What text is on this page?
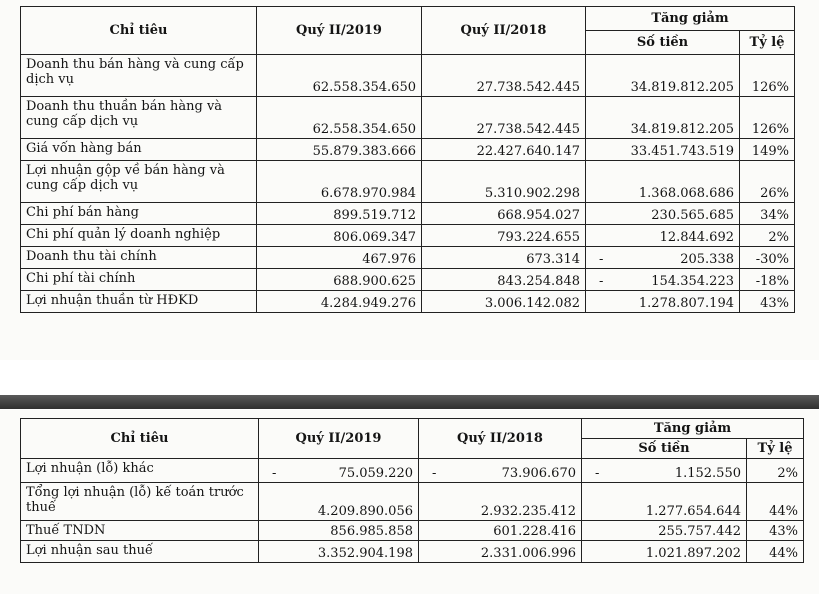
Chỉ tiêu	Quý II/2019	Quý II/2018	Tăng giảm	
			Số tiền	Tỷ lệ
Doanh thu bán hàng và cung cấp dịch vụ	62.558.354.650	27.738.542.445	34.819.812.205	126%
Doanh thu thuần bán hàng và cung cấp dịch vụ	62.558.354.650	27.738.542.445	34.819.812.205	126%
Giá vốn hàng bán	55.879.383.666	22.427.640.147	33.451.743.519	149%
Lợi nhuận gộp về bán hàng và cung cấp dịch vụ	6.678.970.984	5.310.902.298	1.368.068.686	26%
Chi phí bán hàng	899.519.712	668.954.027	230.565.685	34%
Chi phí quản lý doanh nghiệp	806.069.347	793.224.655	12.844.692	2%
Doanh thu tài chính	467.976	673.314	- 205.338	-30%
Chi phí tài chính	688.900.625	843.254.848	- 154.354.223	-18%
Lợi nhuận thuần từ HĐKD	4.284.949.276	3.006.142.082	1.278.807.194	43%
Chỉ tiêu	Quý II/2019	Quý II/2018	Tăng giảm	
			Số tiền	Tỷ lệ
Lợi nhuận (lỗ) khác	- 75.059.220	- 73.906.670	- 1.152.550	2%
Tổng lợi nhuận (lỗ) kế toán trước thuế	4.209.890.056	2.932.235.412	1.277.654.644	44%
Thuế TNDN	856.985.858	601.228.416	255.757.442	43%
Lợi nhuận sau thuế	3.352.904.198	2.331.006.996	1.021.897.202	44%
